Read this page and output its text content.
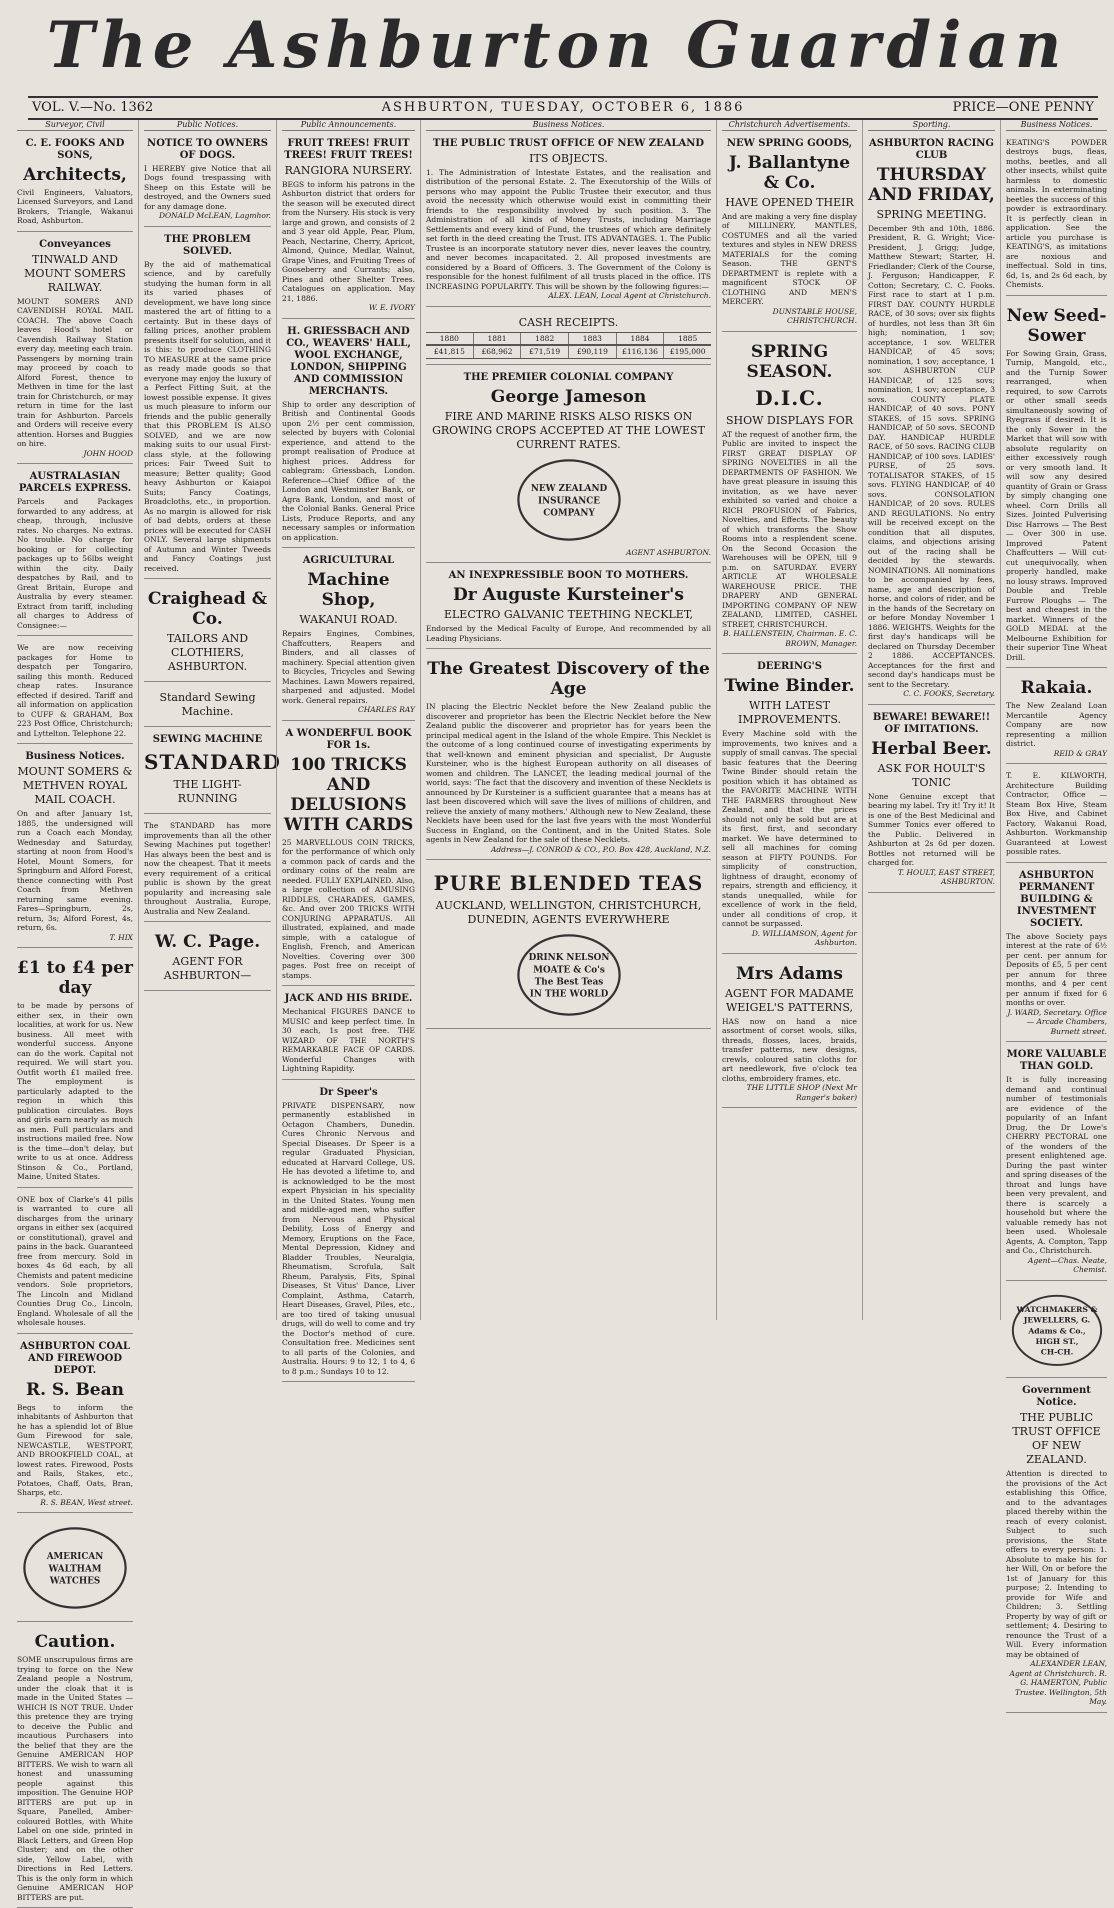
The Ashburton Guardian
VOL. V.—No. 1362	ASHBURTON, TUESDAY, OCTOBER 6, 1886	PRICE—ONE PENNY
Surveyor, Civil
C. E. FOOKS AND SONS,
Architects,
Civil Engineers, Valuators, Licensed Surveyors, and Land Brokers, Triangle, Wakanui Road, Ashburton.
Conveyances
TINWALD AND MOUNT SOMERS RAILWAY.
MOUNT SOMERS AND CAVENDISH ROYAL MAIL COACH. The above Coach leaves Hood's hotel or Cavendish Railway Station every day, meeting each train. Passengers by morning train may proceed by coach to Alford Forest, thence to Methven in time for the last train for Christchurch, or may return in time for the last train for Ashburton. Parcels and Orders will receive every attention. Horses and Buggies on hire.
JOHN HOOD
AUSTRALASIAN PARCELS EXPRESS.
Parcels and Packages forwarded to any address, at cheap, through, inclusive rates. No charges. No extras. No trouble. No charge for booking or for collecting packages up to 56lbs weight within the city. Daily despatches by Rail, and to Great Britain, Europe and Australia by every steamer. Extract from tariff, including all charges to Address of Consignee:—
We are now receiving packages for Home to despatch per Tongariro, sailing this month. Reduced cheap rates. Insurance effected if desired. Tariff and all information on application to CUFF & GRAHAM, Box 223 Post Office, Christchurch; and Lyttelton. Telephone 22.
Business Notices.
MOUNT SOMERS & METHVEN ROYAL MAIL COACH.
On and after January 1st, 1885, the undersigned will run a Coach each Monday, Wednesday and Saturday, starting at noon from Hood's Hotel, Mount Somers, for Springburn and Alford Forest, thence connecting with Post Coach from Methven returning same evening. Fares—Springburn, 2s, return, 3s; Alford Forest, 4s, return, 6s.
T. HIX
£1 to £4 per day
to be made by persons of either sex, in their own localities, at work for us. New business. All meet with wonderful success. Anyone can do the work. Capital not required. We will start you. Outfit worth £1 mailed free. The employment is particularly adapted to the region in which this publication circulates. Boys and girls earn nearly as much as men. Full particulars and instructions mailed free. Now is the time—don't delay, but write to us at once. Address Stinson & Co., Portland, Maine, United States.
ONE box of Clarke's 41 pills is warranted to cure all discharges from the urinary organs in either sex (acquired or constitutional), gravel and pains in the back. Guaranteed free from mercury. Sold in boxes 4s 6d each, by all Chemists and patent medicine vendors. Sole proprietors, The Lincoln and Midland Counties Drug Co., Lincoln, England. Wholesale of all the wholesale houses.
ASHBURTON COAL AND FIREWOOD DEPOT.
R. S. Bean
Begs to inform the inhabitants of Ashburton that he has a splendid lot of Blue Gum Firewood for sale, NEWCASTLE, WESTPORT, AND BROOKFIELD COAL, at lowest rates. Firewood, Posts and Rails, Stakes, etc., Potatoes, Chaff, Oats, Bran, Sharps, etc.
R. S. BEAN, West street.
AMERICAN
WALTHAM
WATCHES
Caution.
SOME unscrupulous firms are trying to force on the New Zealand people a Nostrum, under the cloak that it is made in the United States — WHICH IS NOT TRUE. Under this pretence they are trying to deceive the Public and incautious Purchasers into the belief that they are the Genuine AMERICAN HOP BITTERS. We wish to warn all honest and unassuming people against this imposition. The Genuine HOP BITTERS are put up in Square, Panelled, Amber-coloured Bottles, with White Label on one side, printed in Black Letters, and Green Hop Cluster; and on the other side, Yellow Label, with Directions in Red Letters. This is the only form in which Genuine AMERICAN HOP BITTERS are put.
Public Notices.
NOTICE TO OWNERS OF DOGS.
I HEREBY give Notice that all Dogs found trespassing with Sheep on this Estate will be destroyed, and the Owners sued for any damage done.
DONALD McLEAN, Lagmhor.
THE PROBLEM SOLVED.
By the aid of mathematical science, and by carefully studying the human form in all its varied phases of development, we have long since mastered the art of fitting to a certainty. But in these days of falling prices, another problem presents itself for solution, and it is this: to produce CLOTHING TO MEASURE at the same price as ready made goods so that everyone may enjoy the luxury of a Perfect Fitting Suit, at the lowest possible expense. It gives us much pleasure to inform our friends and the public generally that this PROBLEM IS ALSO SOLVED, and we are now making suits to our usual First-class style, at the following prices: Fair Tweed Suit to measure; Better quality; Good heavy Ashburton or Kaiapoi Suits; Fancy Coatings, Broadcloths, etc., in proportion. As no margin is allowed for risk of bad debts, orders at these prices will be executed for CASH ONLY. Several large shipments of Autumn and Winter Tweeds and Fancy Coatings just received.
Craighead & Co.
TAILORS AND CLOTHIERS, ASHBURTON.
Standard Sewing Machine.
SEWING MACHINE
STANDARD
THE LIGHT-RUNNING
The STANDARD has more improvements than all the other Sewing Machines put together! Has always been the best and is now the cheapest. That it meets every requirement of a critical public is shown by the great popularity and increasing sale throughout Australia, Europe, Australia and New Zealand.
W. C. Page.
AGENT FOR ASHBURTON—
Public Announcements.
FRUIT TREES! FRUIT TREES! FRUIT TREES!
RANGIORA NURSERY.
BEGS to inform his patrons in the Ashburton district that orders for the season will be executed direct from the Nursery. His stock is very large and grown, and consists of 2 and 3 year old Apple, Pear, Plum, Peach, Nectarine, Cherry, Apricot, Almond, Quince, Medlar, Walnut, Grape Vines, and Fruiting Trees of Gooseberry and Currants; also, Pines and other Shelter Trees. Catalogues on application. May 21, 1886.
W. E. IVORY
H. GRIESSBACH AND CO., WEAVERS' HALL, WOOL EXCHANGE, LONDON, SHIPPING AND COMMISSION MERCHANTS.
Ship to order any description of British and Continental Goods upon 2½ per cent commission, selected by buyers with Colonial experience, and attend to the prompt realisation of Produce at highest prices. Address for cablegram: Griessbach, London. Reference—Chief Office of the London and Westminster Bank, or Agra Bank, London, and most of the Colonial Banks. General Price Lists, Produce Reports, and any necessary samples or information on application.
AGRICULTURAL
Machine Shop,
WAKANUI ROAD.
Repairs Engines, Combines, Chaffcutters, Reapers and Binders, and all classes of machinery. Special attention given to Bicycles, Tricycles and Sewing Machines. Lawn Mowers repaired, sharpened and adjusted. Model work. General repairs.
CHARLES RAY
A WONDERFUL BOOK FOR 1s.
100 TRICKS AND DELUSIONS WITH CARDS
25 MARVELLOUS COIN TRICKS, for the performance of which only a common pack of cards and the ordinary coins of the realm are needed. FULLY EXPLAINED. Also, a large collection of AMUSING RIDDLES, CHARADES, GAMES, &c. And over 200 TRICKS WITH CONJURING APPARATUS. All illustrated, explained, and made simple, with a catalogue of English, French, and American Novelties. Covering over 300 pages. Post free on receipt of stamps.
JACK AND HIS BRIDE.
Mechanical FIGURES DANCE to MUSIC and keep perfect time. In 30 each, 1s post free. THE WIZARD OF THE NORTH'S REMARKABLE FACE OF CARDS. Wonderful Changes with Lightning Rapidity.
Dr Speer's
PRIVATE DISPENSARY, now permanently established in Octagon Chambers, Dunedin. Cures Chronic Nervous and Special Diseases. Dr Speer is a regular Graduated Physician, educated at Harvard College, US. He has devoted a lifetime to, and is acknowledged to be the most expert Physician in his speciality in the United States. Young men and middle-aged men, who suffer from Nervous and Physical Debility, Loss of Energy and Memory, Eruptions on the Face, Mental Depression, Kidney and Bladder Troubles, Neuralgia, Rheumatism, Scrofula, Salt Rheum, Paralysis, Fits, Spinal Diseases, St Vitus' Dance, Liver Complaint, Asthma, Catarrh, Heart Diseases, Gravel, Piles, etc., are too tired of taking unusual drugs, will do well to come and try the Doctor's method of cure. Consultation free. Medicines sent to all parts of the Colonies, and Australia. Hours: 9 to 12, 1 to 4, 6 to 8 p.m.; Sundays 10 to 12.
Business Notices.
THE PUBLIC TRUST OFFICE OF NEW ZEALAND
ITS OBJECTS.
1. The Administration of Intestate Estates, and the realisation and distribution of the personal Estate. 2. The Executorship of the Wills of persons who may appoint the Public Trustee their executor, and thus avoid the necessity which otherwise would exist in committing their friends to the responsibility involved by such position. 3. The Administration of all kinds of Money Trusts, including Marriage Settlements and every kind of Fund, the trustees of which are definitely set forth in the deed creating the Trust. ITS ADVANTAGES. 1. The Public Trustee is an incorporate statutory never dies, never leaves the country, and never becomes incapacitated. 2. All proposed investments are considered by a Board of Officers. 3. The Government of the Colony is responsible for the honest fulfilment of all trusts placed in the office. ITS INCREASING POPULARITY. This will be shown by the following figures:—
ALEX. LEAN, Local Agent at Christchurch.
CASH RECEIPTS.
1880	1881	1882	1883	1884	1885
£41,815	£68,962	£71,519	£90,119	£116,136	£195,000
THE PREMIER COLONIAL COMPANY
George Jameson
FIRE AND MARINE RISKS ALSO RISKS ON GROWING CROPS ACCEPTED AT THE LOWEST CURRENT RATES.
NEW ZEALAND
INSURANCE
COMPANY
AGENT ASHBURTON.
AN INEXPRESSIBLE BOON TO MOTHERS.
Dr Auguste Kursteiner's
ELECTRO GALVANIC TEETHING NECKLET,
Endorsed by the Medical Faculty of Europe, And recommended by all Leading Physicians.
The Greatest Discovery of the Age
IN placing the Electric Necklet before the New Zealand public the discoverer and proprietor has been the Electric Necklet before the New Zealand public the discoverer and proprietor has for years been the principal medical agent in the Island of the whole Empire. This Necklet is the outcome of a long continued course of investigating experiments by that well-known and eminent physician and specialist, Dr Auguste Kursteiner, who is the highest European authority on all diseases of women and children. The LANCET, the leading medical journal of the world, says: 'The fact that the discovery and invention of these Necklets is announced by Dr Kursteiner is a sufficient guarantee that a means has at last been discovered which will save the lives of millions of children, and relieve the anxiety of many mothers.' Although new to New Zealand, these Necklets have been used for the last five years with the most Wonderful Success in England, on the Continent, and in the United States. Sole agents in New Zealand for the sale of these Necklets.
Address—J. CONROD & CO., P.O. Box 428, Auckland, N.Z.
PURE BLENDED TEAS
AUCKLAND, WELLINGTON, CHRISTCHURCH, DUNEDIN, AGENTS EVERYWHERE
DRINK NELSON
MOATE & Co's
The Best Teas
IN THE WORLD
Christchurch Advertisements.
NEW SPRING GOODS,
J. Ballantyne & Co.
HAVE OPENED THEIR
And are making a very fine display of MILLINERY, MANTLES, COSTUMES and all the varied textures and styles in NEW DRESS MATERIALS for the coming Season. THE GENT'S DEPARTMENT is replete with a magnificent STOCK OF CLOTHING AND MEN'S MERCERY.
DUNSTABLE HOUSE, CHRISTCHURCH.
SPRING SEASON.
D.I.C.
SHOW DISPLAYS FOR
AT the request of another firm, the Public are invited to inspect the FIRST GREAT DISPLAY OF SPRING NOVELTIES in all the DEPARTMENTS OF FASHION. We have great pleasure in issuing this invitation, as we have never exhibited so varied and choice a RICH PROFUSION of Fabrics, Novelties, and Effects. The beauty of which transforms the Show Rooms into a resplendent scene. On the Second Occasion the Warehouses will be OPEN, till 9 p.m. on SATURDAY. EVERY ARTICLE AT WHOLESALE WAREHOUSE PRICE. THE DRAPERY AND GENERAL IMPORTING COMPANY OF NEW ZEALAND, LIMITED, CASHEL STREET, CHRISTCHURCH.
B. HALLENSTEIN, Chairman. E. C. BROWN, Manager.
DEERING'S
Twine Binder.
WITH LATEST IMPROVEMENTS.
Every Machine sold with the improvements, two knives and a supply of small canvas. The special basic features that the Deering Twine Binder should retain the position which it has obtained as the FAVORITE MACHINE WITH THE FARMERS throughout New Zealand, and that the prices should not only be sold but are at its first, first, and secondary market. We have determined to sell all machines for coming season at FIFTY POUNDS. For simplicity of construction, lightness of draught, economy of repairs, strength and efficiency, it stands unequalled, while for excellence of work in the field, under all conditions of crop, it cannot be surpassed.
D. WILLIAMSON, Agent for Ashburton.
Mrs Adams
AGENT FOR MADAME WEIGEL'S PATTERNS,
HAS now on hand a nice assortment of corset wools, silks, threads, flosses, laces, braids, transfer patterns, new designs, crewls, coloured satin cloths for art needlework, five o'clock tea cloths, embroidery frames, etc.
THE LITTLE SHOP (Next Mr Ranger's baker)
Sporting.
ASHBURTON RACING CLUB
THURSDAY AND FRIDAY,
SPRING MEETING.
December 9th and 10th, 1886. President, R. G. Wright; Vice-President, J. Grigg; Judge, Matthew Stewart; Starter, H. Friedlander; Clerk of the Course, J. Ferguson; Handicapper, F. Cotton; Secretary, C. C. Fooks. First race to start at 1 p.m. FIRST DAY. COUNTY HURDLE RACE, of 30 sovs; over six flights of hurdles, not less than 3ft 6in high; nomination, 1 sov; acceptance, 1 sov. WELTER HANDICAP, of 45 sovs; nomination, 1 sov; acceptance, 1 sov. ASHBURTON CUP HANDICAP, of 125 sovs; nomination, 1 sov; acceptance, 3 sovs. COUNTY PLATE HANDICAP, of 40 sovs. PONY STAKES, of 15 sovs. SPRING HANDICAP, of 50 sovs. SECOND DAY. HANDICAP HURDLE RACE, of 50 sovs. RACING CLUB HANDICAP, of 100 sovs. LADIES' PURSE, of 25 sovs. TOTALISATOR STAKES, of 15 sovs. FLYING HANDICAP, of 40 sovs. CONSOLATION HANDICAP, of 20 sovs. RULES AND REGULATIONS. No entry will be received except on the condition that all disputes, claims, and objections arising out of the racing shall be decided by the stewards. NOMINATIONS. All nominations to be accompanied by fees, name, age and description of horse, and colors of rider, and be in the hands of the Secretary on or before Monday November 1 1886. WEIGHTS. Weights for the first day's handicaps will be declared on Thursday December 2 1886. ACCEPTANCES. Acceptances for the first and second day's handicaps must be sent to the Secretary.
C. C. FOOKS, Secretary.
BEWARE! BEWARE!! OF IMITATIONS.
Herbal Beer.
ASK FOR HOULT'S TONIC
None Genuine except that bearing my label. Try it! Try it! It is one of the Best Medicinal and Summer Tonics ever offered to the Public. Delivered in Ashburton at 2s 6d per dozen. Bottles not returned will be charged for.
T. HOULT, EAST STREET, ASHBURTON.
Business Notices.
KEATING'S POWDER destroys bugs, fleas, moths, beetles, and all other insects, whilst quite harmless to domestic animals. In exterminating beetles the success of this powder is extraordinary. It is perfectly clean in application. See the article you purchase is KEATING'S, as imitations are noxious and ineffectual. Sold in tins, 6d, 1s, and 2s 6d each, by Chemists.
New Seed-Sower
For Sowing Grain, Grass, Turnip, Mangold, etc., and the Turnip Sower rearranged, when required, to sow Carrots or other small seeds simultaneously sowing of Ryegrass if desired. It is the only Sower in the Market that will sow with absolute regularity on either excessively rough or very smooth land. It will sow any desired quantity of Grain or Grass by simply changing one wheel. Corn Drills all Sizes. Jointed Pulverising Disc Harrows — The Best — Over 300 in use. Improved Patent Chaffcutters — Will cut-cut unequivocally, when properly handled, make no lousy straws. Improved Double and Treble Furrow Ploughs — The best and cheapest in the market. Winners of the GOLD MEDAL at the Melbourne Exhibition for their superior Tine Wheat Drill.
Rakaia.
The New Zealand Loan Mercantile Agency Company are now representing a million district.
REID & GRAY
T. E. KILWORTH, Architecture Building Contractor, Office — Steam Box Hive, Steam Box Hive, and Cabinet Factory, Wakanui Road, Ashburton. Workmanship Guaranteed at Lowest possible rates.
ASHBURTON PERMANENT BUILDING & INVESTMENT SOCIETY.
The above Society pays interest at the rate of 6½ per cent. per annum for Deposits of £5, 5 per cent per annum for three months, and 4 per cent per annum if fixed for 6 months or over.
J. WARD, Secretary. Office — Arcade Chambers, Burnett street.
MORE VALUABLE THAN GOLD.
It is fully increasing demand and continual number of testimonials are evidence of the popularity of an Infant Drug, the Dr Lowe's CHERRY PECTORAL one of the wonders of the present enlightened age. During the past winter and spring diseases of the throat and lungs have been very prevalent, and there is scarcely a household but where the valuable remedy has not been used. Wholesale Agents, A. Compton, Tapp and Co., Christchurch.
Agent—Chas. Neate, Chemist.
WATCHMAKERS &
JEWELLERS, G.
Adams & Co.,
HIGH ST.,
CH-CH.
Government Notice.
THE PUBLIC TRUST OFFICE OF NEW ZEALAND.
Attention is directed to the provisions of the Act establishing this Office, and to the advantages placed thereby within the reach of every colonist. Subject to such provisions, the State offers to every person: 1. Absolute to make his for her Will, On or before the 1st of January for this purpose; 2. Intending to provide for Wife and Children; 3. Settling Property by way of gift or settlement; 4. Desiring to renounce the Trust of a Will. Every information may be obtained of
ALEXANDER LEAN, Agent at Christchurch. R. G. HAMERTON, Public Trustee. Wellington, 5th May.
